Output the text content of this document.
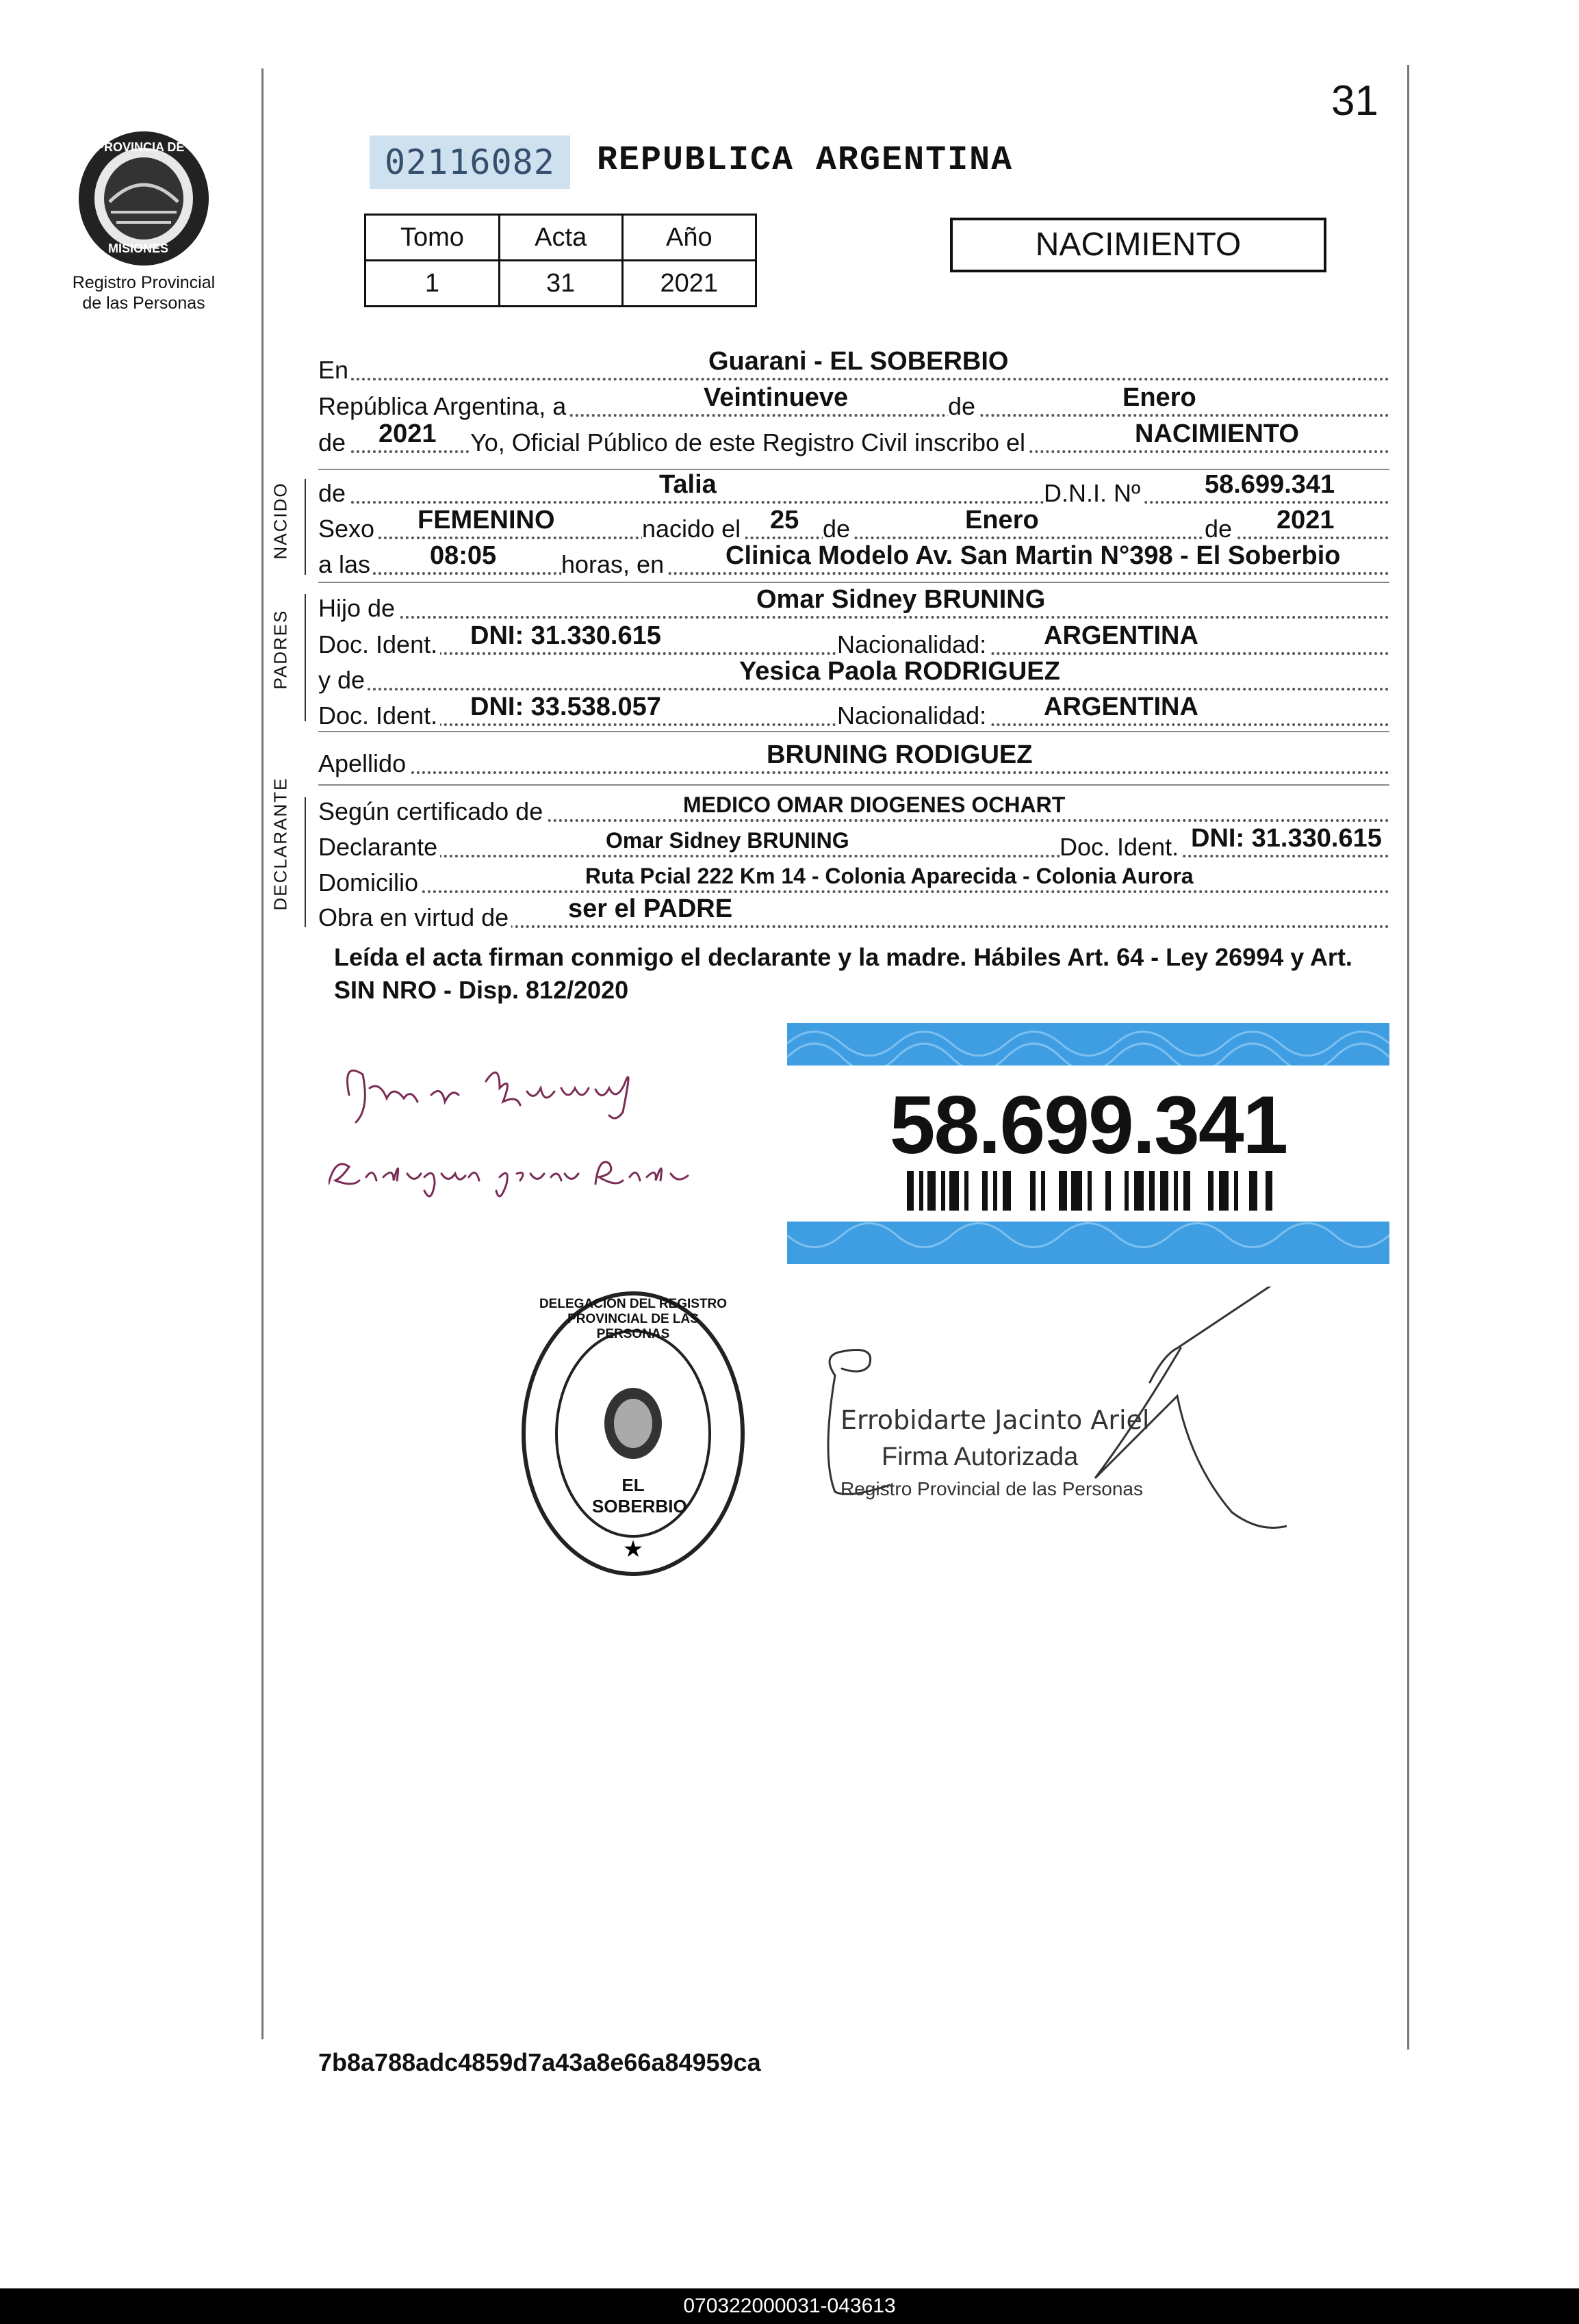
31
PROVINCIA DE
MISIONES
Registro Provincial
de las Personas
02116082	REPUBLICA ARGENTINA
Tomo	Acta	Año
1	31	2021
NACIMIENTO
En	Guarani - EL SOBERBIO
República Argentina, a	Veintinueve	de	Enero
de 2021 Yo, Oficial Público de este Registro Civil inscribo el	NACIMIENTO
NACIDO de	Talia	D.N.I. Nº 58.699.341
Sexo FEMENINO	nacido el 25 de	Enero	de 2021
a las 08:05	horas, en Clinica Modelo Av. San Martin N°398 - El Soberbio
PADRES
Hijo de	Omar Sidney BRUNING
Doc. Ident. DNI: 31.330.615	Nacionalidad: ARGENTINA
y de	Yesica Paola RODRIGUEZ
Doc. Ident. DNI: 33.538.057	Nacionalidad: ARGENTINA
Apellido	BRUNING RODIGUEZ
DECLARANTE Según certificado de	MEDICO OMAR DIOGENES OCHART
Declarante	Omar Sidney BRUNING	Doc. Ident. DNI: 31.330.615
Domicilio	Ruta Pcial 222 Km 14 - Colonia Aparecida - Colonia Aurora
Obra en virtud de ser el PADRE
Leída el acta firman conmigo el declarante y la madre. Hábiles Art. 64 - Ley 26994 y Art. SIN NRO - Disp. 812/2020
58.699.341
★
EL SOBERBIO
DELEGACION DEL REGISTRO PROVINCIAL DE LAS PERSONAS
Errobidarte Jacinto Ariel
Firma Autorizada
Registro Provincial de las Personas
7b8a788adc4859d7a43a8e66a84959ca
070322000031-043613
